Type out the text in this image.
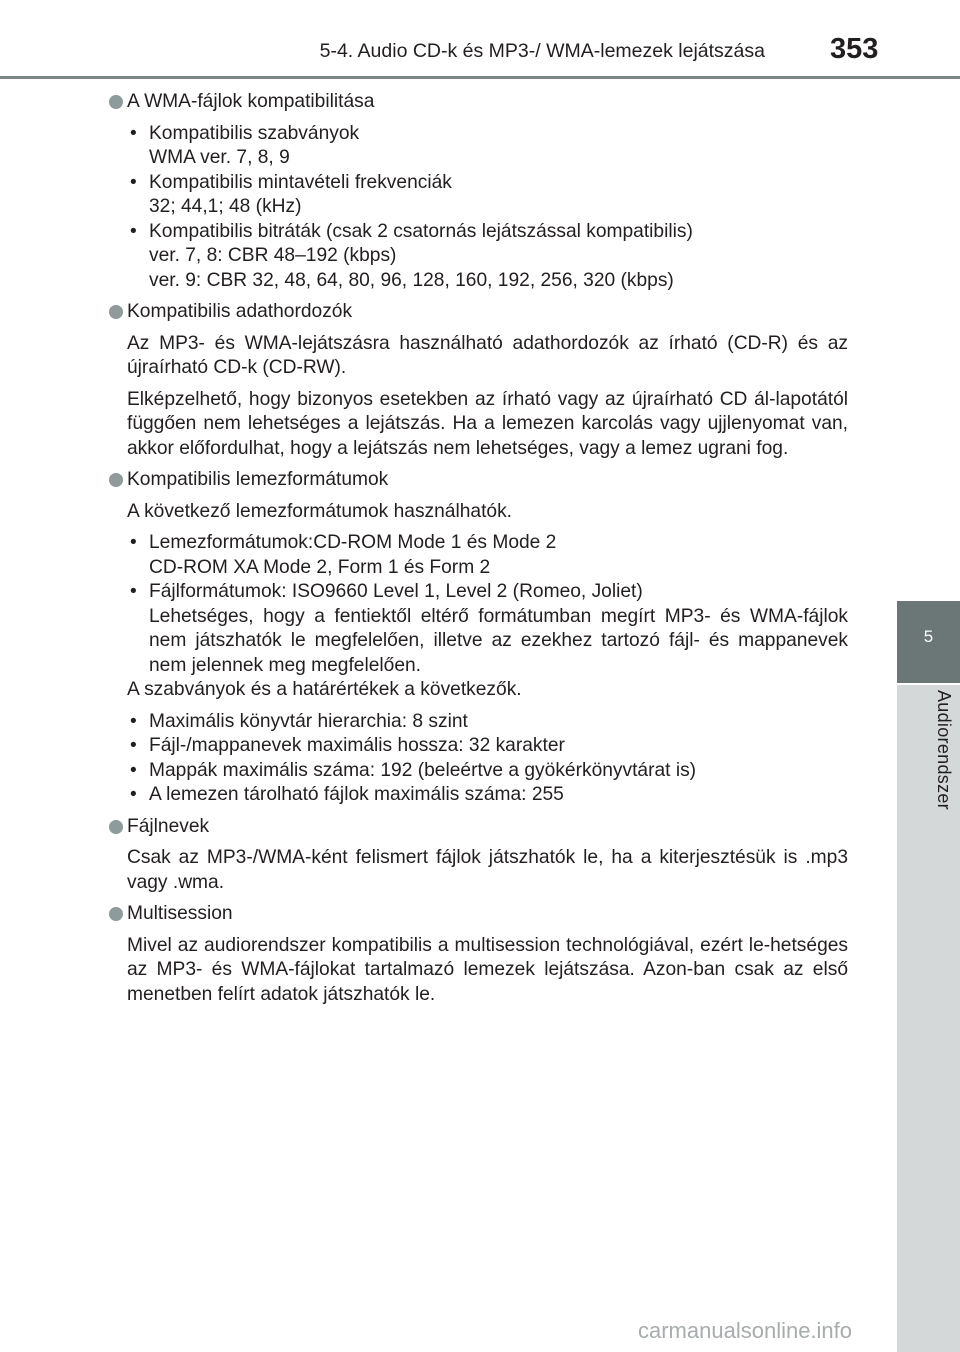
5-4. Audio CD-k és MP3-/ WMA-lemezek lejátszása 353
5
Audiorendszer
A WMA-fájlok kompatibilitása
• Kompatibilis szabványok
WMA ver. 7, 8, 9
• Kompatibilis mintavételi frekvenciák
32; 44,1; 48 (kHz)
• Kompatibilis bitráták (csak 2 csatornás lejátszással kompatibilis)
ver. 7, 8: CBR 48–192 (kbps)
ver. 9: CBR 32, 48, 64, 80, 96, 128, 160, 192, 256, 320 (kbps)
Kompatibilis adathordozók

Az MP3- és WMA-lejátszásra használható adathordozók az írható (CD-R) és az újraírható CD-k (CD-RW).

Elképzelhető, hogy bizonyos esetekben az írható vagy az újraírható CD ál-lapotától függően nem lehetséges a lejátszás. Ha a lemezen karcolás vagy ujjlenyomat van, akkor előfordulhat, hogy a lejátszás nem lehetséges, vagy a lemez ugrani fog.

Kompatibilis lemezformátumok

A következő lemezformátumok használhatók.

• Lemezformátumok:CD-ROM Mode 1 és Mode 2
CD-ROM XA Mode 2, Form 1 és Form 2
• Fájlformátumok: ISO9660 Level 1, Level 2 (Romeo, Joliet)
Lehetséges, hogy a fentiektől eltérő formátumban megírt MP3- és WMA-fájlok nem játszhatók le megfelelően, illetve az ezekhez tartozó fájl- és mappanevek nem jelennek meg megfelelően.

A szabványok és a határértékek a következők.

• Maximális könyvtár hierarchia: 8 szint
• Fájl-/mappanevek maximális hossza: 32 karakter
• Mappák maximális száma: 192 (beleértve a gyökérkönyvtárat is)
• A lemezen tárolható fájlok maximális száma: 255
Fájlnevek

Csak az MP3-/WMA-ként felismert fájlok játszhatók le, ha a kiterjesztésük is .mp3 vagy .wma.

Multisession

Mivel az audiorendszer kompatibilis a multisession technológiával, ezért le-hetséges az MP3- és WMA-fájlokat tartalmazó lemezek lejátszása. Azon-ban csak az első menetben felírt adatok játszhatók le.

carmanualsonline.info
